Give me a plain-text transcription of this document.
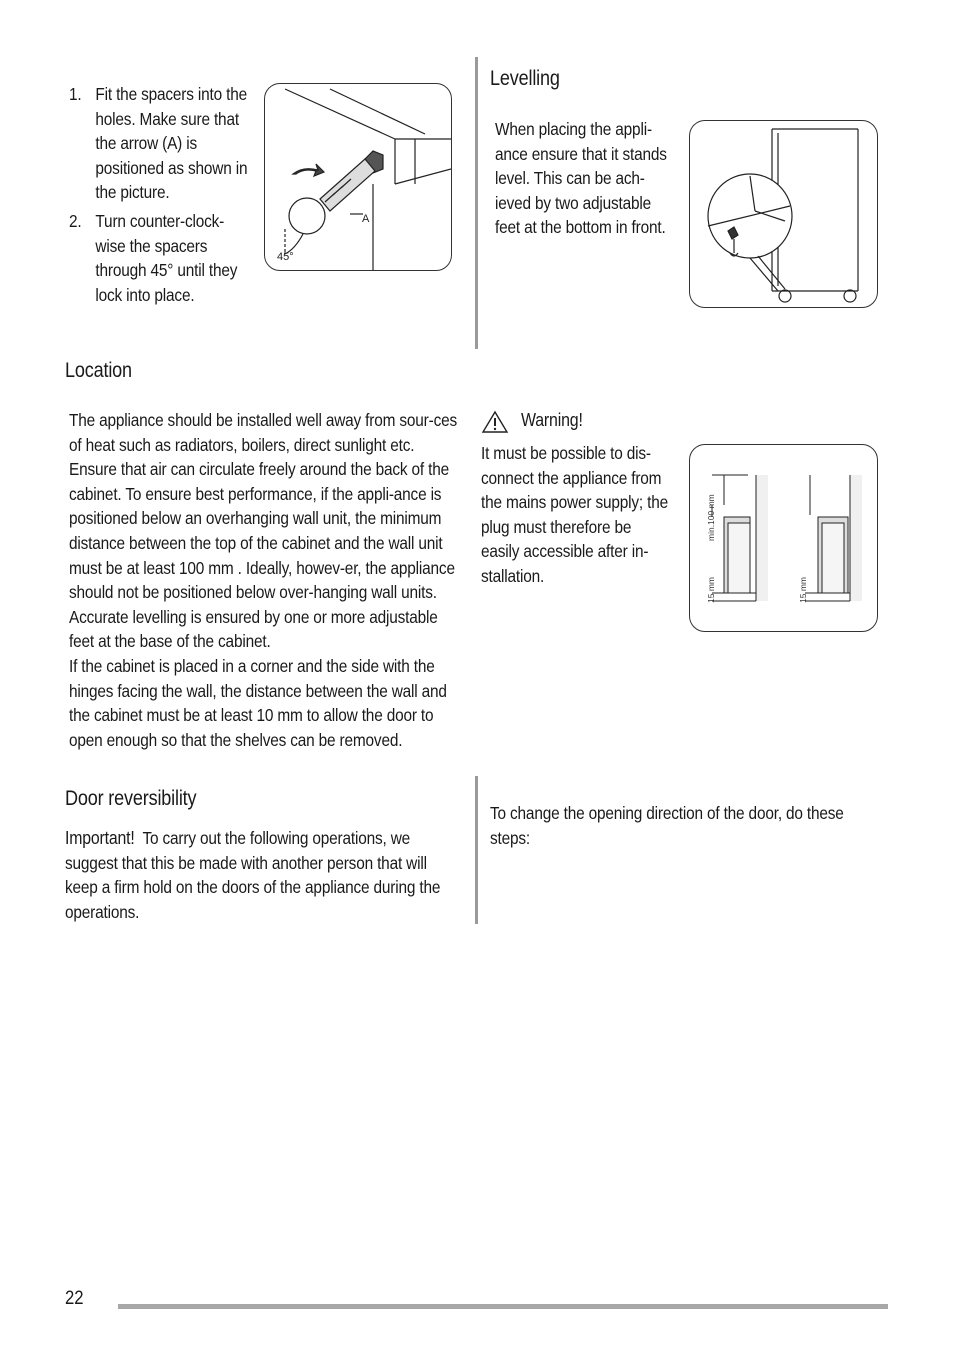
1. Fit the spacers into the holes. Make sure that the arrow (A) is positioned as shown in the picture.
2. Turn counter-clock-wise the spacers through 45° until they lock into place.
A
45°
Levelling
When placing the appli-ance ensure that it stands level. This can be ach-ieved by two adjustable feet at the bottom in front.
Location

The appliance should be installed well away from sour-ces of heat such as radiators, boilers, direct sunlight etc. Ensure that air can circulate freely around the back of the cabinet. To ensure best performance, if the appli-ance is positioned below an overhanging wall unit, the minimum distance between the top of the cabinet and the wall unit must be at least 100 mm . Ideally, howev-er, the appliance should not be positioned below over-hanging wall units. Accurate levelling is ensured by one or more adjustable feet at the base of the cabinet.

If the cabinet is placed in a corner and the side with the hinges facing the wall, the distance between the wall and the cabinet must be at least 10 mm to allow the door to open enough so that the shelves can be removed.

Warning!
It must be possible to dis-connect the appliance from the mains power supply; the plug must therefore be easily accessible after in-stallation.
min.100 mm
15 mm	15 mm
Door reversibility
Important! To carry out the following operations, we suggest that this be made with another person that will keep a firm hold on the doors of the appliance during the operations.
To change the opening direction of the door, do these steps:
22
